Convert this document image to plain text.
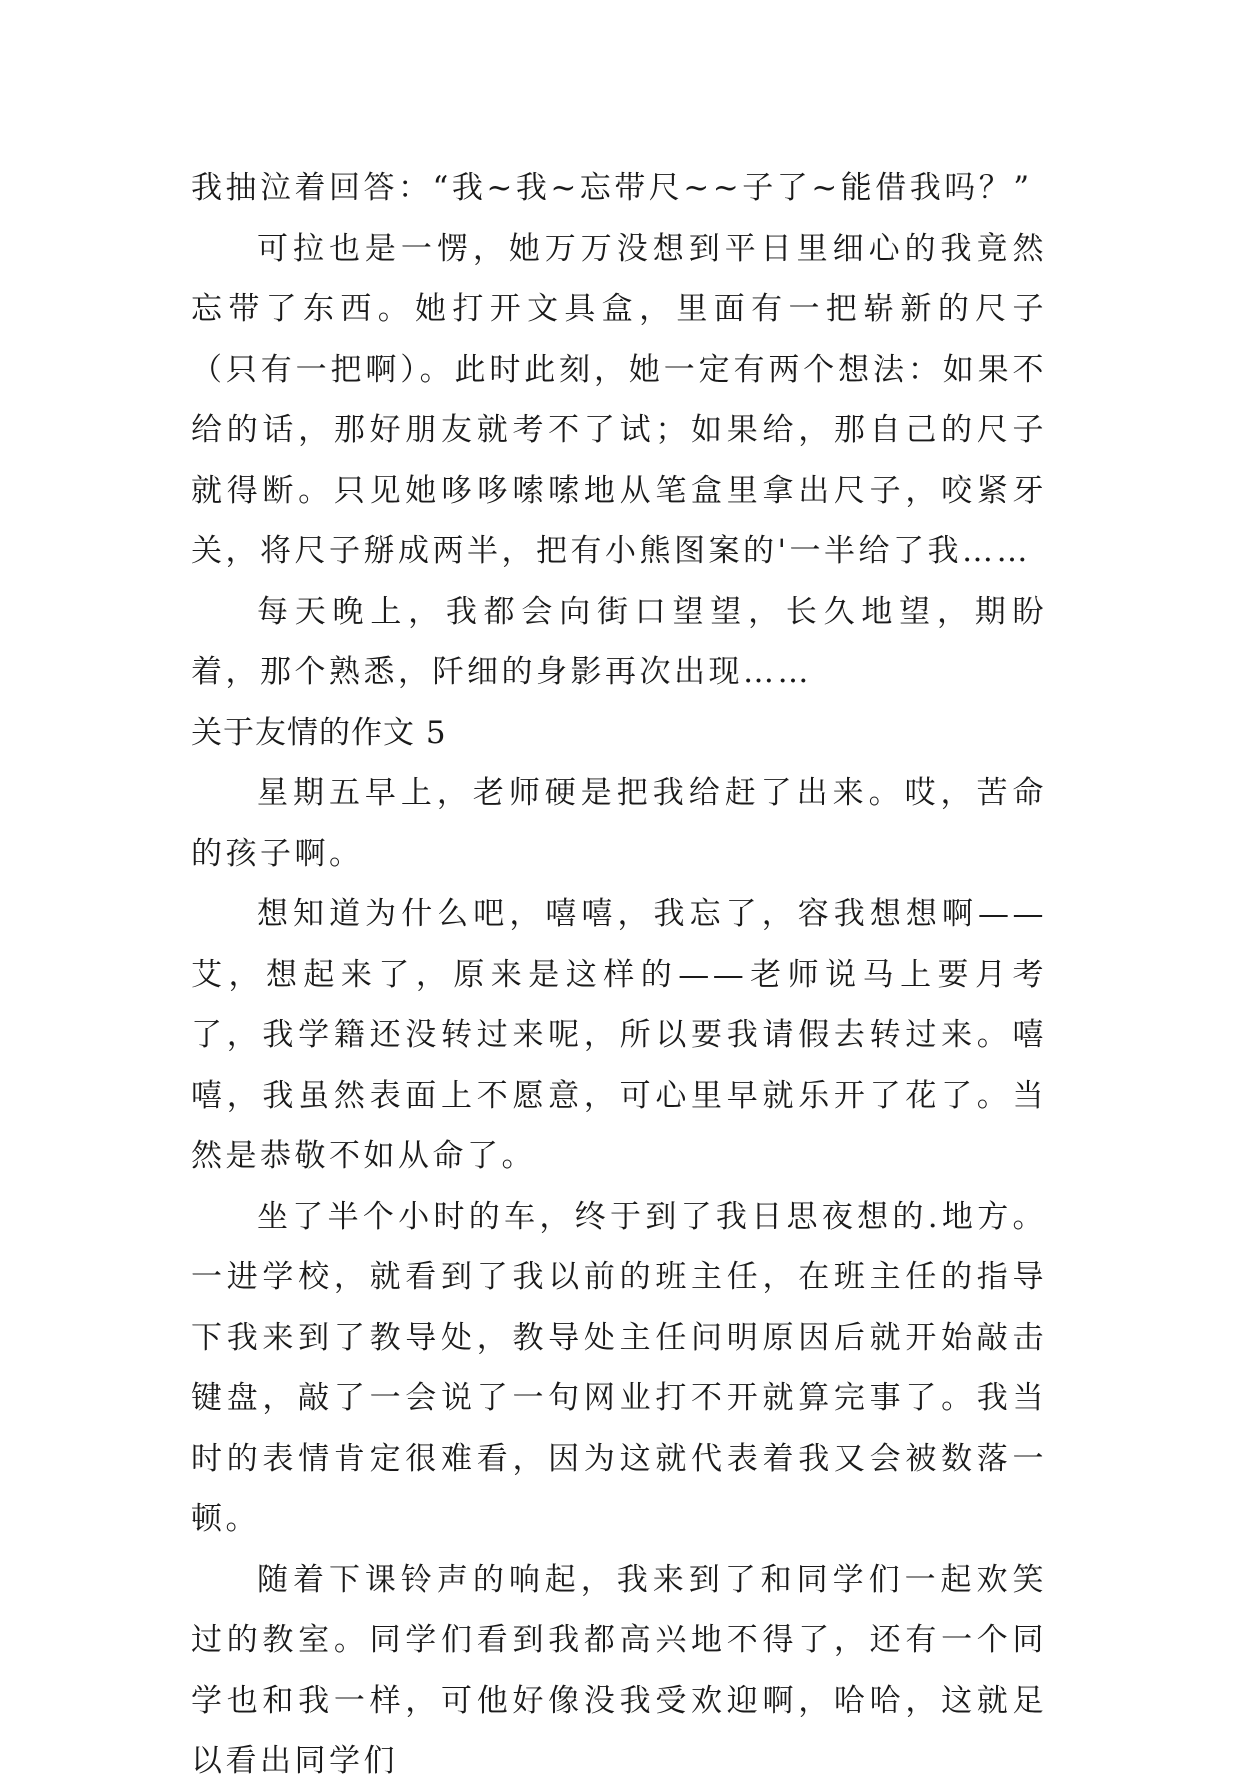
我抽泣着回答：“我~我~忘带尺~~子了~能借我吗？”

可拉也是一愣，她万万没想到平日里细心的我竟然忘带了东西。她打开文具盒，里面有一把崭新的尺子（只有一把啊）。此时此刻，她一定有两个想法：如果不给的话，那好朋友就考不了试；如果给，那自己的尺子就得断。只见她哆哆嗦嗦地从笔盒里拿出尺子，咬紧牙关，将尺子掰成两半，把有小熊图案的'一半给了我……

每天晚上，我都会向街口望望，长久地望，期盼着，那个熟悉，阡细的身影再次出现……

关于友情的作文 5

星期五早上，老师硬是把我给赶了出来。哎，苦命的孩子啊。

想知道为什么吧，嘻嘻，我忘了，容我想想啊——艾，想起来了，原来是这样的——老师说马上要月考了，我学籍还没转过来呢，所以要我请假去转过来。嘻嘻，我虽然表面上不愿意，可心里早就乐开了花了。当然是恭敬不如从命了。

坐了半个小时的车，终于到了我日思夜想的.地方。一进学校，就看到了我以前的班主任，在班主任的指导下我来到了教导处，教导处主任问明原因后就开始敲击键盘，敲了一会说了一句网业打不开就算完事了。我当时的表情肯定很难看，因为这就代表着我又会被数落一顿。

随着下课铃声的响起，我来到了和同学们一起欢笑过的教室。同学们看到我都高兴地不得了，还有一个同学也和我一样，可他好像没我受欢迎啊，哈哈，这就足以看出同学们
